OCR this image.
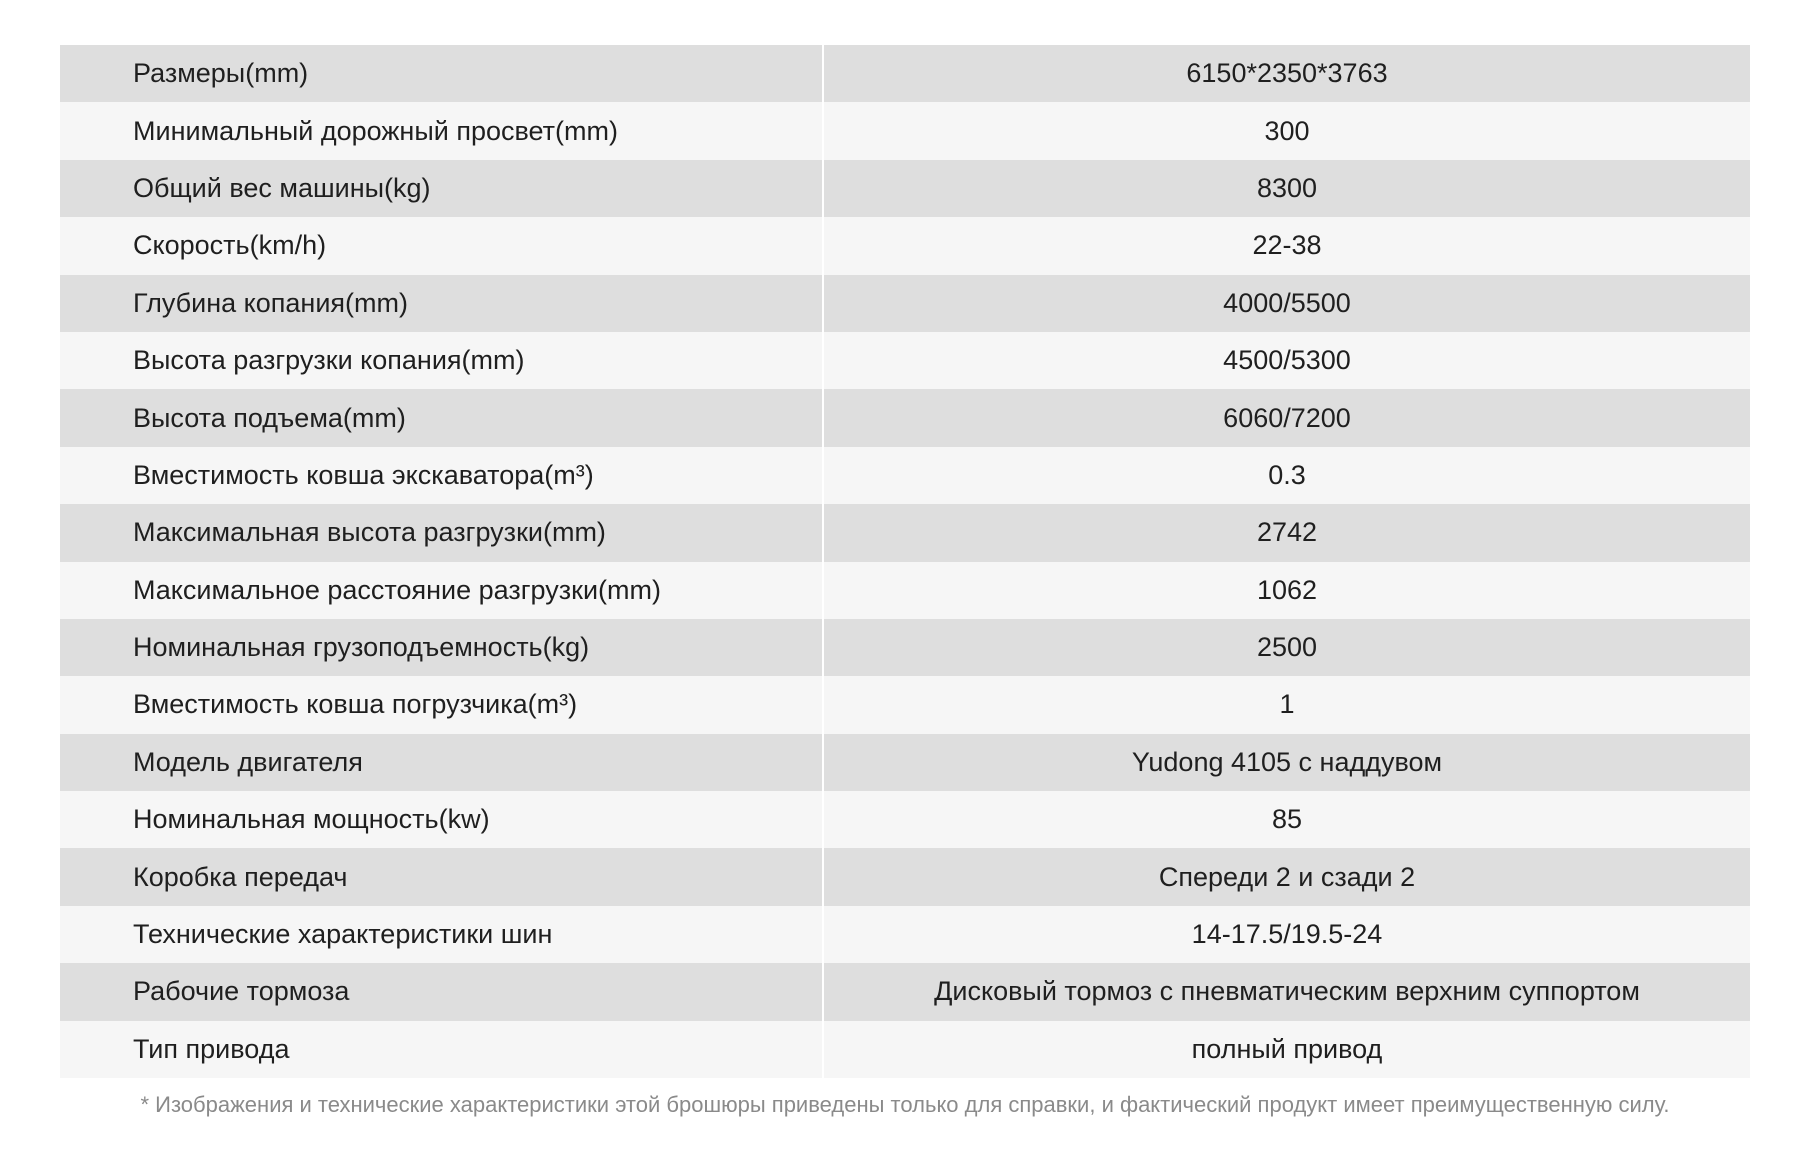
Размеры(mm)	6150*2350*3763
Минимальный дорожный просвет(mm)	300
Общий вес машины(kg)	8300
Скорость(km/h)	22-38
Глубина копания(mm)	4000/5500
Высота разгрузки копания(mm)	4500/5300
Высота подъема(mm)	6060/7200
Вместимость ковша экскаватора(m³)	0.3
Максимальная высота разгрузки(mm)	2742
Максимальное расстояние разгрузки(mm)	1062
Номинальная грузоподъемность(kg)	2500
Вместимость ковша погрузчика(m³)	1
Модель двигателя	Yudong 4105 с наддувом
Номинальная мощность(kw)	85
Коробка передач	Спереди 2 и сзади 2
Технические характеристики шин	14-17.5/19.5-24
Рабочие тормоза	Дисковый тормоз с пневматическим верхним суппортом
Тип привода	полный привод
* Изображения и технические характеристики этой брошюры приведены только для справки, и фактический продукт имеет преимущественную силу.
